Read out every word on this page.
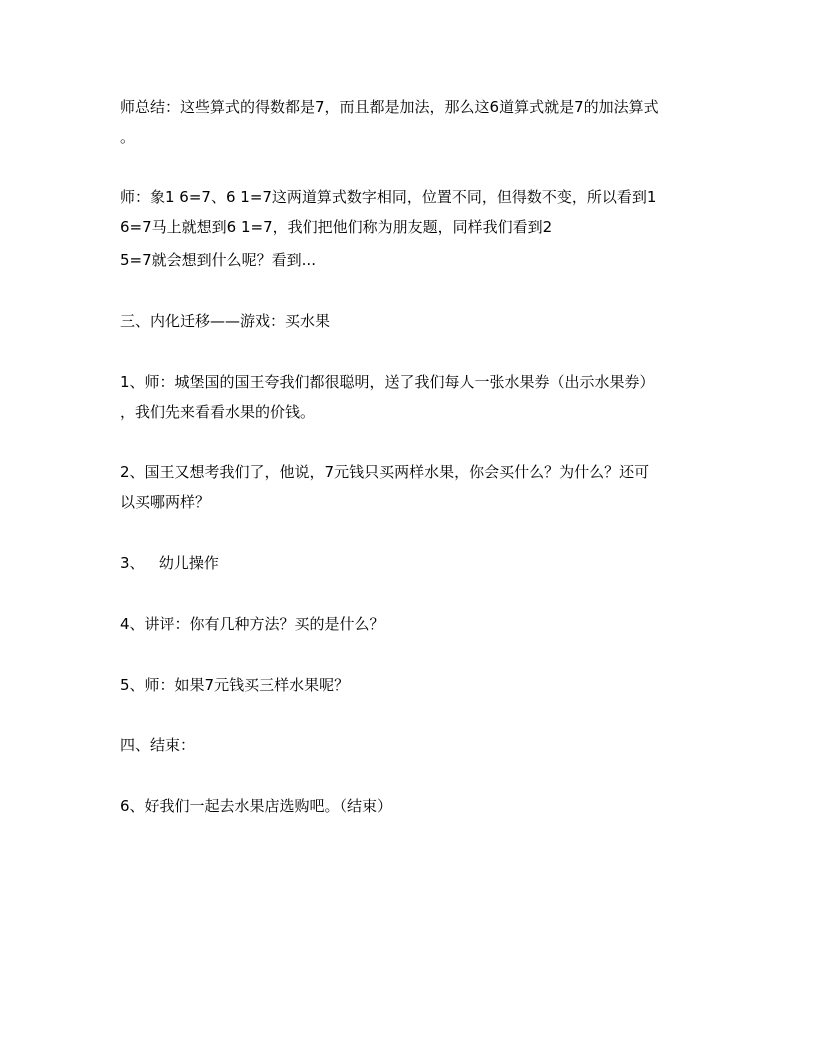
师总结：这些算式的得数都是7，而且都是加法，那么这6道算式就是7的加法算式
。
师：象1 6=7、6 1=7这两道算式数字相同，位置不同，但得数不变，所以看到1
6=7马上就想到6 1=7，我们把他们称为朋友题，同样我们看到2
5=7就会想到什么呢？看到...
三、内化迁移——游戏：买水果
1、师：城堡国的国王夸我们都很聪明，送了我们每人一张水果券（出示水果券）
，我们先来看看水果的价钱。
2、国王又想考我们了，他说，7元钱只买两样水果，你会买什么？为什么？还可
以买哪两样？
3、   幼儿操作
4、讲评：你有几种方法？买的是什么？
5、师：如果7元钱买三样水果呢？
四、结束：
6、好我们一起去水果店选购吧。（结束）
